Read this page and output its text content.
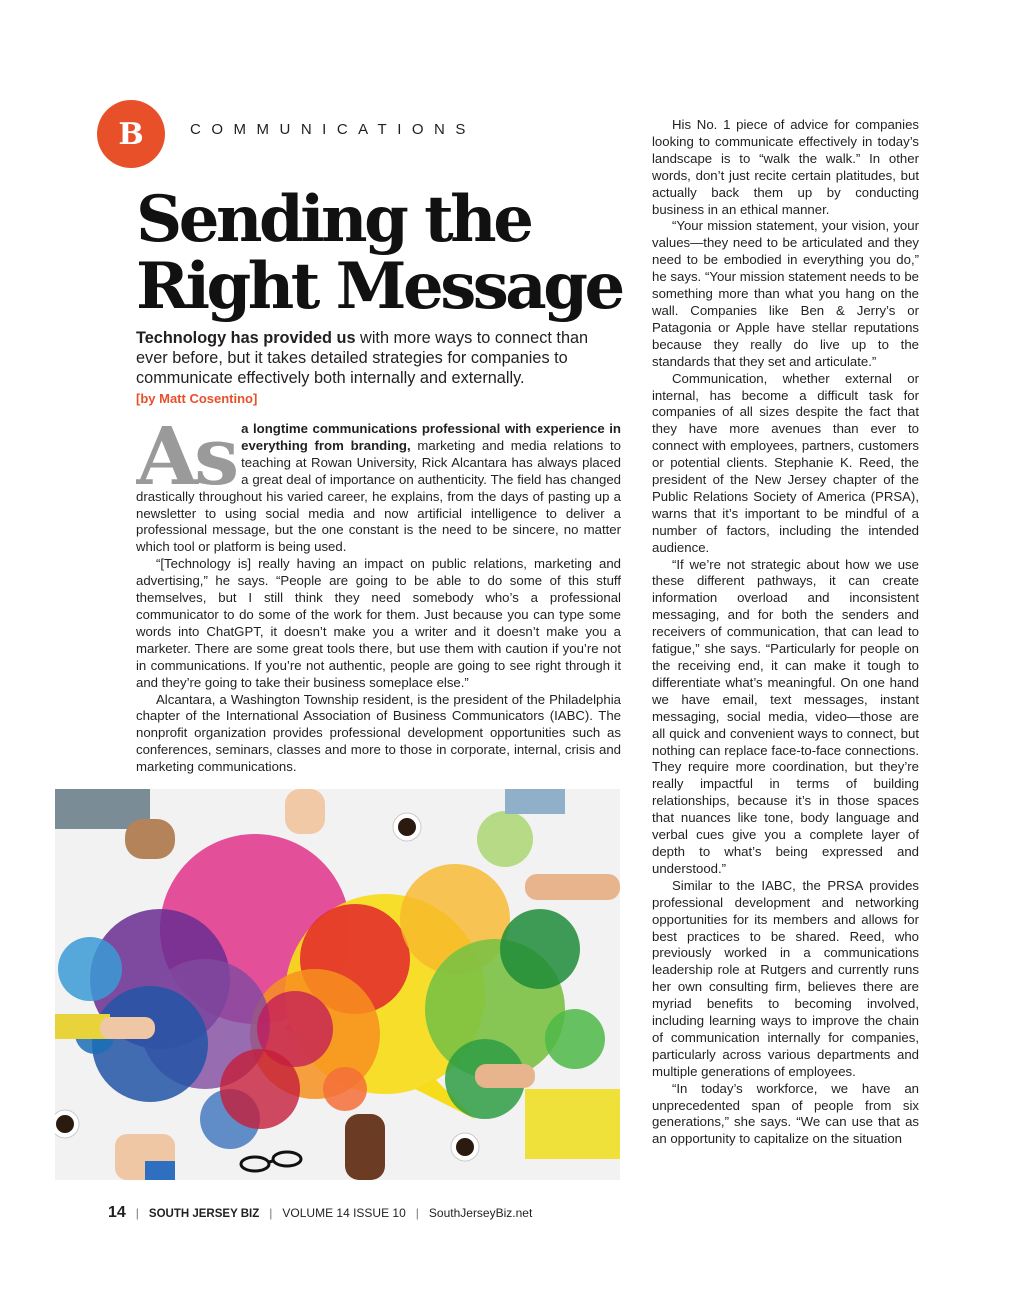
B	COMMUNICATIONS
Sending the
Right Message

Technology has provided us with more ways to connect than ever before, but it takes detailed strategies for companies to communicate effectively both internally and externally.

[by Matt Cosentino]

As a longtime communications professional with experience in everything from branding, marketing and media relations to teaching at Rowan University, Rick Alcantara has always placed a great deal of importance on authenticity. The field has changed drastically throughout his varied career, he explains, from the days of pasting up a newsletter to using social media and now artificial intelligence to deliver a professional message, but the one constant is the need to be sincere, no matter which tool or platform is being used.

“[Technology is] really having an impact on public relations, marketing and advertising,” he says. “People are going to be able to do some of this stuff themselves, but I still think they need somebody who’s a professional communicator to do some of the work for them. Just because you can type some words into ChatGPT, it doesn’t make you a writer and it doesn’t make you a marketer. There are some great tools there, but use them with caution if you’re not in communications. If you’re not authentic, people are going to see right through it and they’re going to take their business someplace else.”

Alcantara, a Washington Township resident, is the president of the Philadelphia chapter of the International Association of Business Communicators (IABC). The nonprofit organization provides professional development opportunities such as conferences, seminars, classes and more to those in corporate, internal, crisis and marketing communications.

His No. 1 piece of advice for companies looking to communicate effectively in today’s landscape is to “walk the walk.” In other words, don’t just recite certain platitudes, but actually back them up by conducting business in an ethical manner.

“Your mission statement, your vision, your values—they need to be articulated and they need to be embodied in everything you do,” he says. “Your mission statement needs to be something more than what you hang on the wall. Companies like Ben & Jerry’s or Patagonia or Apple have stellar reputations because they really do live up to the standards that they set and articulate.”

Communication, whether external or internal, has become a difficult task for companies of all sizes despite the fact that they have more avenues than ever to connect with employees, partners, customers or potential clients. Stephanie K. Reed, the president of the New Jersey chapter of the Public Relations Society of America (PRSA), warns that it’s important to be mindful of a number of factors, including the intended audience.

“If we’re not strategic about how we use these different pathways, it can create information overload and inconsistent messaging, and for both the senders and receivers of communication, that can lead to fatigue,” she says. “Particularly for people on the receiving end, it can make it tough to differentiate what’s meaningful. On one hand we have email, text messages, instant messaging, social media, video—those are all quick and convenient ways to connect, but nothing can replace face-to-face connections. They require more coordination, but they’re really impactful in terms of building relationships, because it’s in those spaces that nuances like tone, body language and verbal cues give you a complete layer of depth to what’s being expressed and understood.”

Similar to the IABC, the PRSA provides professional development and networking opportunities for its members and allows for best practices to be shared. Reed, who previously worked in a communications leadership role at Rutgers and currently runs her own consulting firm, believes there are myriad benefits to becoming involved, including learning ways to improve the chain of communication internally for companies, particularly across various departments and multiple generations of employees.

“In today’s workforce, we have an unprecedented span of people from six generations,” she says. “We can use that as an opportunity to capitalize on the situation

14 | SOUTH JERSEY BIZ | VOLUME 14 ISSUE 10 | SouthJerseyBiz.net
